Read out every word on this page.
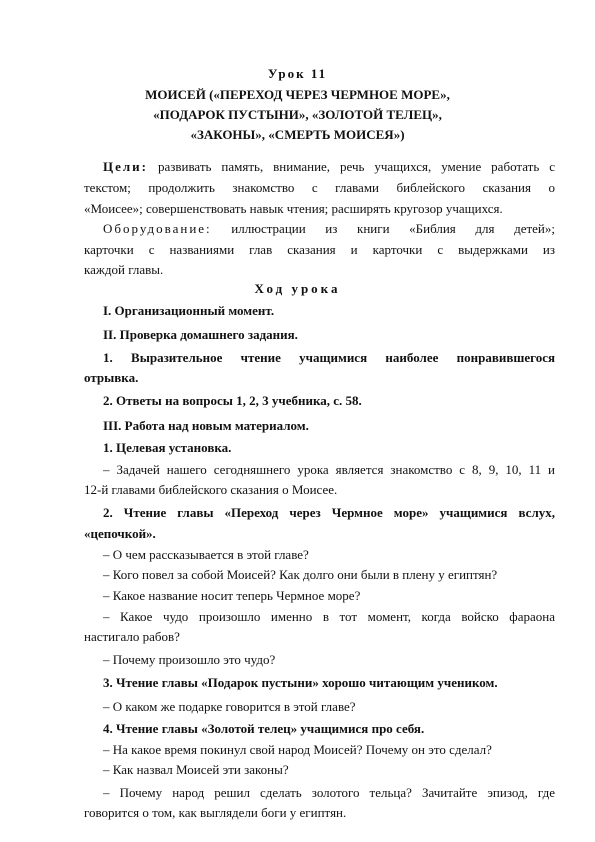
Урок 11
МОИСЕЙ («ПЕРЕХОД ЧЕРЕЗ ЧЕРМНОЕ МОРЕ»,
«ПОДАРОК ПУСТЫНИ», «ЗОЛОТОЙ ТЕЛЕЦ»,
«ЗАКОНЫ», «СМЕРТЬ МОИСЕЯ»)
Цели: развивать память, внимание, речь учащихся, умение работать с
текстом; продолжить знакомство с главами библейского сказания о
«Моисее»; совершенствовать навык чтения; расширять кругозор учащихся.
Оборудование: иллюстрации из книги «Библия для детей»;
карточки с названиями глав сказания и карточки с выдержками из
каждой главы.
Ход урока
I. Организационный момент.
II. Проверка домашнего задания.
1. Выразительное чтение учащимися наиболее понравившегося
отрывка.
2. Ответы на вопросы 1, 2, 3 учебника, с. 58.
III. Работа над новым материалом.
1. Целевая установка.
– Задачей нашего сегодняшнего урока является знакомство с 8, 9, 10, 11 и
12-й главами библейского сказания о Моисее.
2. Чтение главы «Переход через Чермное море» учащимися вслух,
«цепочкой».
– О чем рассказывается в этой главе?
– Кого повел за собой Моисей? Как долго они были в плену у египтян?
– Какое название носит теперь Чермное море?
– Какое чудо произошло именно в тот момент, когда войско фараона
настигало рабов?
– Почему произошло это чудо?
3. Чтение главы «Подарок пустыни» хорошо читающим учеником.
– О каком же подарке говорится в этой главе?
4. Чтение главы «Золотой телец» учащимися про себя.
– На какое время покинул свой народ Моисей? Почему он это сделал?
– Как назвал Моисей эти законы?
– Почему народ решил сделать золотого тельца? Зачитайте эпизод, где
говорится о том, как выглядели боги у египтян.
